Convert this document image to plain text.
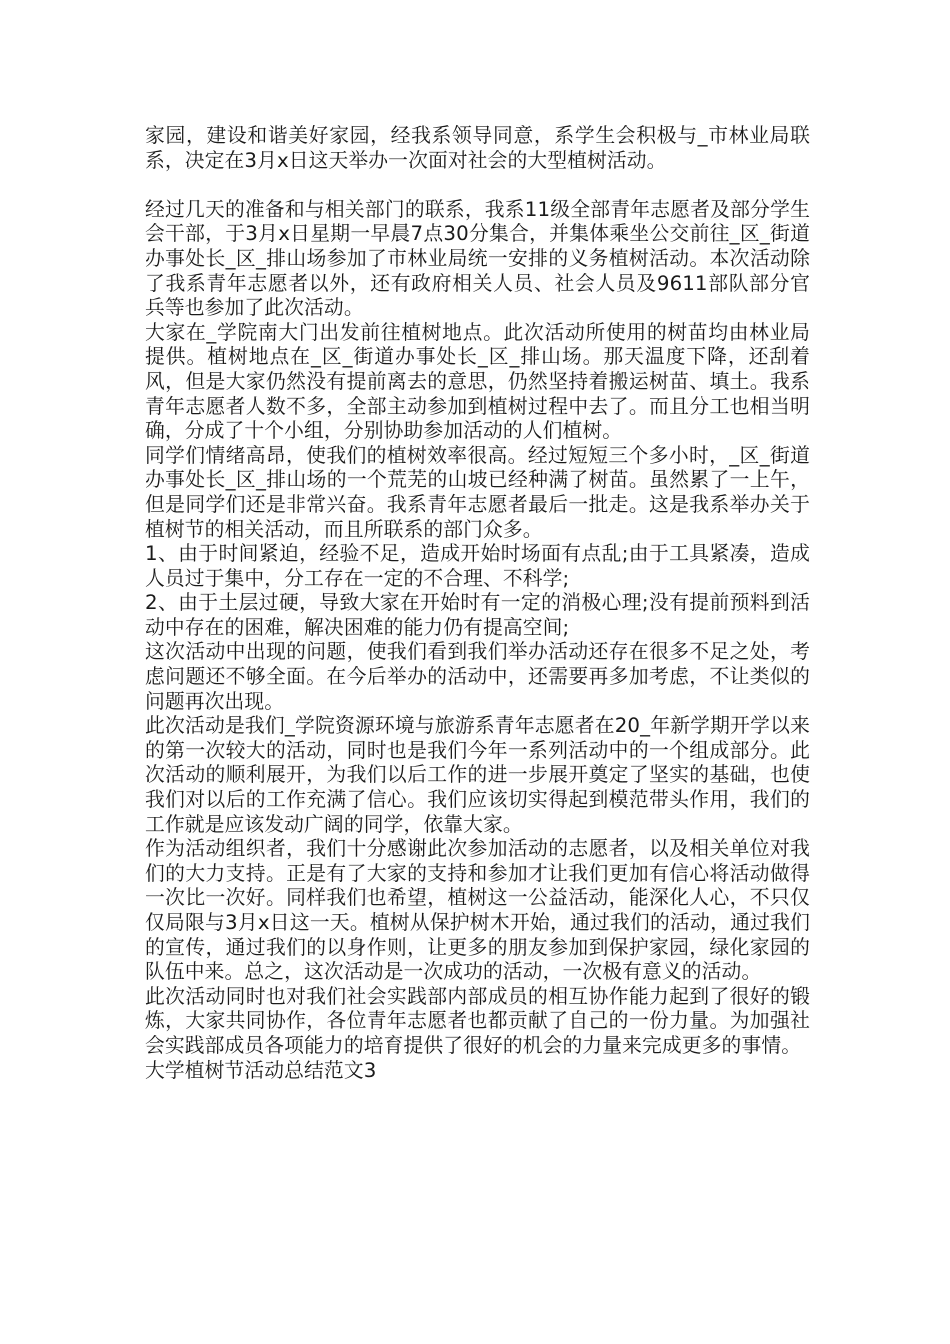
家园，建设和谐美好家园，经我系领导同意，系学生会积极与_市林业局联系，决定在3月x日这天举办一次面对社会的大型植树活动。

经过几天的准备和与相关部门的联系，我系11级全部青年志愿者及部分学生会干部，于3月x日星期一早晨7点30分集合，并集体乘坐公交前往_区_街道办事处长_区_排山场参加了市林业局统一安排的义务植树活动。本次活动除了我系青年志愿者以外，还有政府相关人员、社会人员及9611部队部分官兵等也参加了此次活动。

大家在_学院南大门出发前往植树地点。此次活动所使用的树苗均由林业局提供。植树地点在_区_街道办事处长_区_排山场。那天温度下降，还刮着风，但是大家仍然没有提前离去的意思，仍然坚持着搬运树苗、填土。我系青年志愿者人数不多，全部主动参加到植树过程中去了。而且分工也相当明确，分成了十个小组，分别协助参加活动的人们植树。

同学们情绪高昂，使我们的植树效率很高。经过短短三个多小时，_区_街道办事处长_区_排山场的一个荒芜的山坡已经种满了树苗。虽然累了一上午，但是同学们还是非常兴奋。我系青年志愿者最后一批走。这是我系举办关于植树节的相关活动，而且所联系的部门众多。

1、由于时间紧迫，经验不足，造成开始时场面有点乱;由于工具紧凑，造成人员过于集中，分工存在一定的不合理、不科学;

2、由于土层过硬，导致大家在开始时有一定的消极心理;没有提前预料到活动中存在的困难，解决困难的能力仍有提高空间;

这次活动中出现的问题，使我们看到我们举办活动还存在很多不足之处，考虑问题还不够全面。在今后举办的活动中，还需要再多加考虑，不让类似的问题再次出现。

此次活动是我们_学院资源环境与旅游系青年志愿者在20_年新学期开学以来的第一次较大的活动，同时也是我们今年一系列活动中的一个组成部分。此次活动的顺利展开，为我们以后工作的进一步展开奠定了坚实的基础，也使我们对以后的工作充满了信心。我们应该切实得起到模范带头作用，我们的工作就是应该发动广阔的同学，依靠大家。

作为活动组织者，我们十分感谢此次参加活动的志愿者，以及相关单位对我们的大力支持。正是有了大家的支持和参加才让我们更加有信心将活动做得一次比一次好。同样我们也希望，植树这一公益活动，能深化人心，不只仅仅局限与3月x日这一天。植树从保护树木开始，通过我们的活动，通过我们的宣传，通过我们的以身作则，让更多的朋友参加到保护家园，绿化家园的队伍中来。总之，这次活动是一次成功的活动，一次极有意义的活动。

此次活动同时也对我们社会实践部内部成员的相互协作能力起到了很好的锻炼，大家共同协作，各位青年志愿者也都贡献了自己的一份力量。为加强社会实践部成员各项能力的培育提供了很好的机会的力量来完成更多的事情。

大学植树节活动总结范文3
